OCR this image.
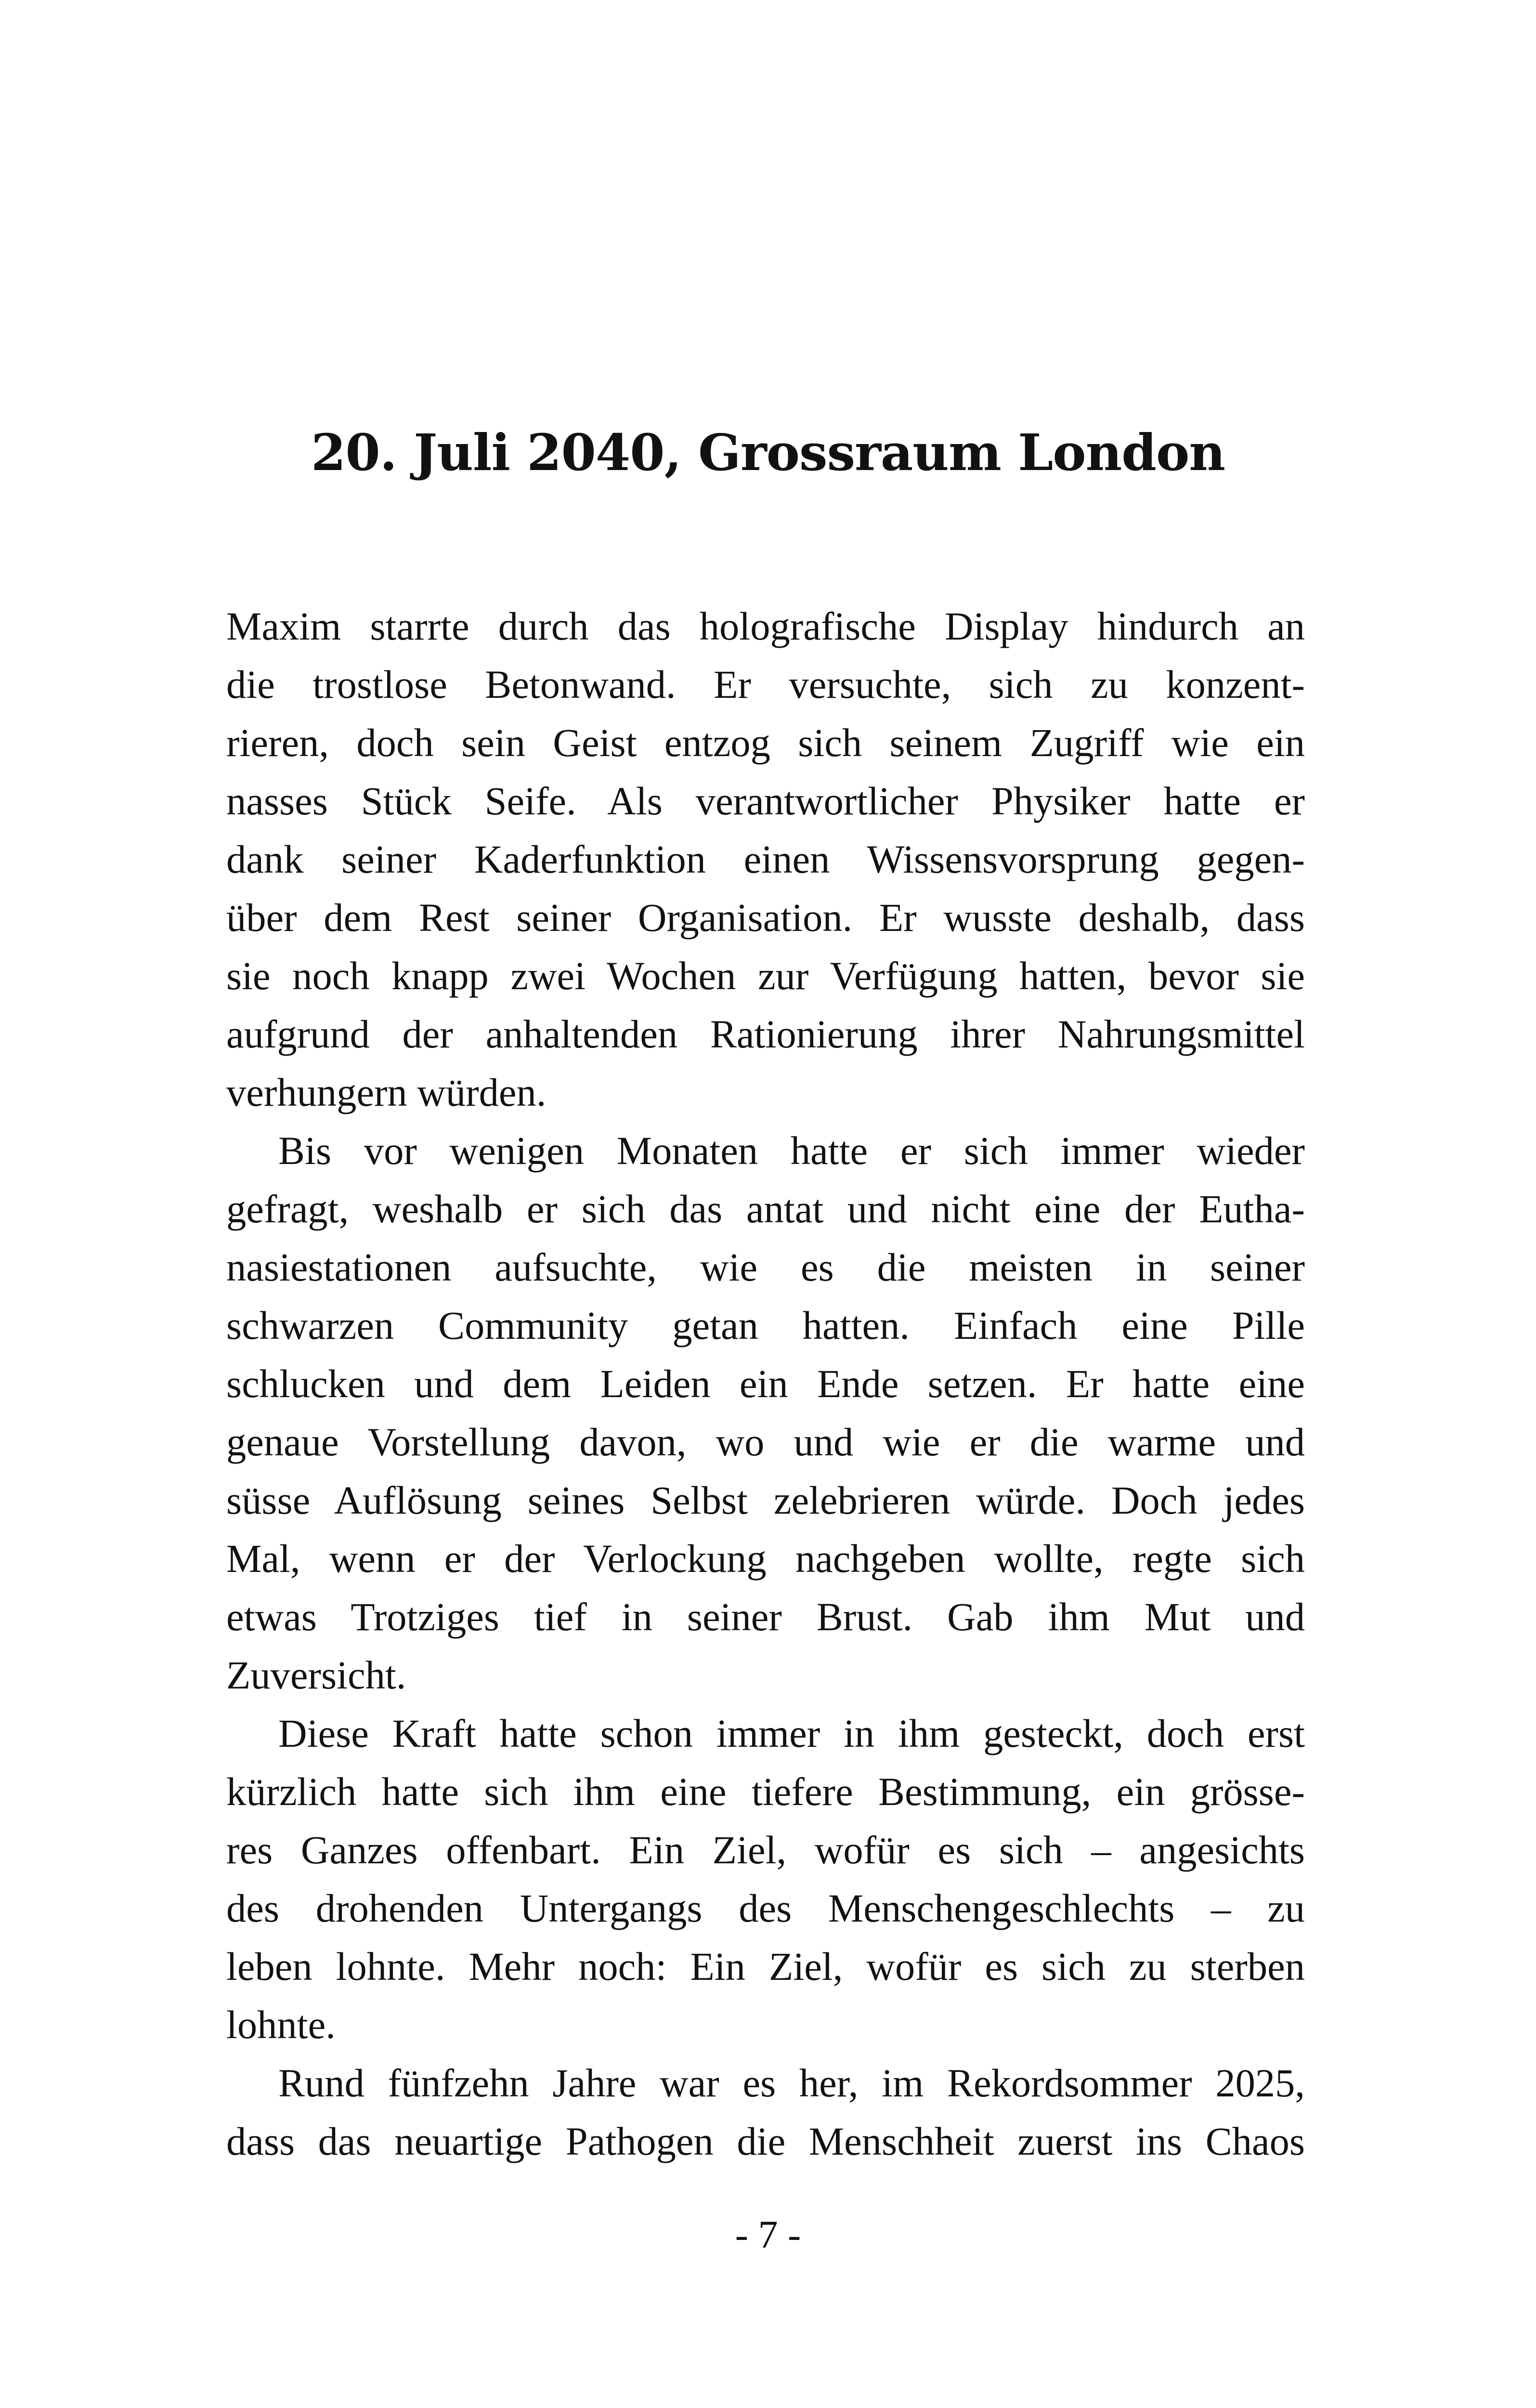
20. Juli 2040, Grossraum London
Maxim starrte durch das holografische Display hindurch an
die trostlose Betonwand. Er versuchte, sich zu konzent-
rieren, doch sein Geist entzog sich seinem Zugriff wie ein
nasses Stück Seife. Als verantwortlicher Physiker hatte er
dank seiner Kaderfunktion einen Wissensvorsprung gegen-
über dem Rest seiner Organisation. Er wusste deshalb, dass
sie noch knapp zwei Wochen zur Verfügung hatten, bevor sie
aufgrund der anhaltenden Rationierung ihrer Nahrungsmittel
verhungern würden.
Bis vor wenigen Monaten hatte er sich immer wieder
gefragt, weshalb er sich das antat und nicht eine der Eutha-
nasiestationen aufsuchte, wie es die meisten in seiner
schwarzen Community getan hatten. Einfach eine Pille
schlucken und dem Leiden ein Ende setzen. Er hatte eine
genaue Vorstellung davon, wo und wie er die warme und
süsse Auflösung seines Selbst zelebrieren würde. Doch jedes
Mal, wenn er der Verlockung nachgeben wollte, regte sich
etwas Trotziges tief in seiner Brust. Gab ihm Mut und
Zuversicht.
Diese Kraft hatte schon immer in ihm gesteckt, doch erst
kürzlich hatte sich ihm eine tiefere Bestimmung, ein grösse-
res Ganzes offenbart. Ein Ziel, wofür es sich – angesichts
des drohenden Untergangs des Menschengeschlechts – zu
leben lohnte. Mehr noch: Ein Ziel, wofür es sich zu sterben
lohnte.
Rund fünfzehn Jahre war es her, im Rekordsommer 2025,
dass das neuartige Pathogen die Menschheit zuerst ins Chaos
- 7 -
